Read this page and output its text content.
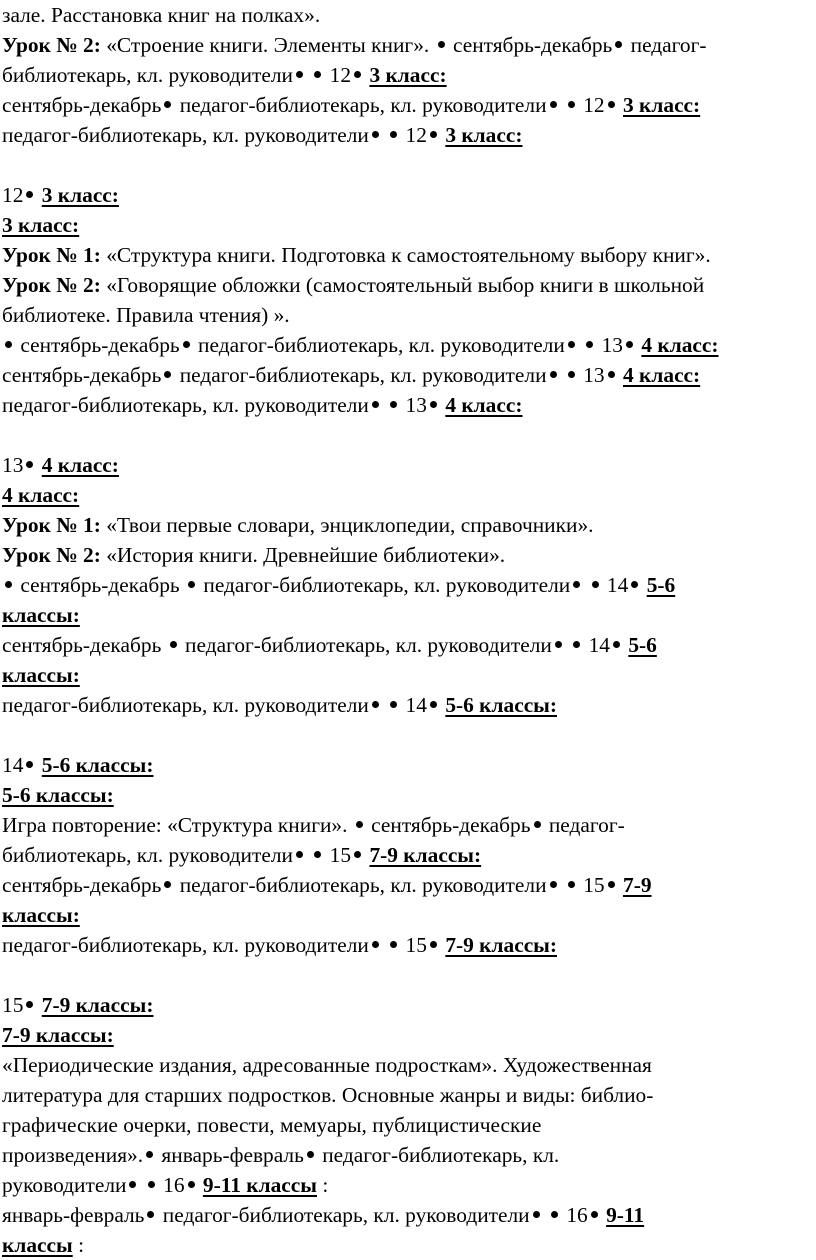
зале. Расстановка книг на полках».
Урок № 2: «Строение книги. Элементы книг».  сентябрь-декабрь педагог-
библиотекарь, кл. руководители  12 3 класс:
сентябрь-декабрь педагог-библиотекарь, кл. руководители  12 3 класс:
педагог-библиотекарь, кл. руководители  12 3 класс:
12 3 класс:
3 класс:
Урок № 1: «Структура книги. Подготовка к самостоятельному выбору книг».
Урок № 2: «Говорящие обложки (самостоятельный выбор книги в школьной
библиотеке. Правила чтения) ».
сентябрь-декабрь педагог-библиотекарь, кл. руководители  13 4 класс:
сентябрь-декабрь педагог-библиотекарь, кл. руководители  13 4 класс:
педагог-библиотекарь, кл. руководители  13 4 класс:
13 4 класс:
4 класс:
Урок № 1: «Твои первые словари, энциклопедии, справочники».
Урок № 2: «История книги. Древнейшие библиотеки».
сентябрь-декабрь  педагог-библиотекарь, кл. руководители  14 5-6
классы:
сентябрь-декабрь  педагог-библиотекарь, кл. руководители  14 5-6
классы:
педагог-библиотекарь, кл. руководители  14 5-6 классы:
14 5-6 классы:
5-6 классы:
Игра повторение: «Структура книги».  сентябрь-декабрь педагог-
библиотекарь, кл. руководители  15 7-9 классы:
сентябрь-декабрь педагог-библиотекарь, кл. руководители  15 7-9
классы:
педагог-библиотекарь, кл. руководители  15 7-9 классы:
15 7-9 классы:
7-9 классы:
«Периодические издания, адресованные подросткам». Художественная
литература для старших подростков. Основные жанры и виды: библио-
графические очерки, повести, мемуары, публицистические
произведения». январь-февраль педагог-библиотекарь, кл.
руководители  16 9-11 классы :
январь-февраль педагог-библиотекарь, кл. руководители  16 9-11
классы :
